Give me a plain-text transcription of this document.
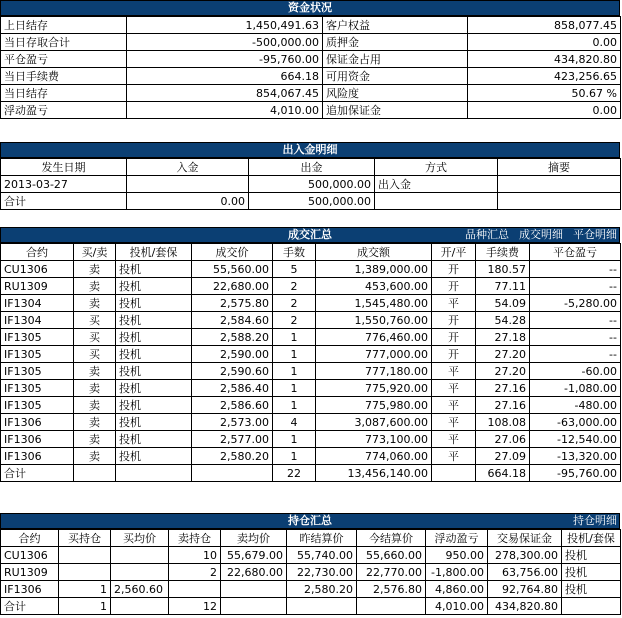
资金状况
上日结存	1,450,491.63	客户权益	858,077.45
当日存取合计	-500,000.00	质押金	0.00
平仓盈亏	-95,760.00	保证金占用	434,820.80
当日手续费	664.18	可用资金	423,256.65
当日结存	854,067.45	风险度	50.67 %
浮动盈亏	4,010.00	追加保证金	0.00
出入金明细
发生日期	入金	出金	方式	摘要
2013-03-27		500,000.00	出入金	
合计	0.00	500,000.00		
成交汇总	品种汇总 成交明细 平仓明细
合约	买/卖	投机/套保	成交价	手数	成交额	开/平	手续费	平仓盈亏
CU1306	卖	投机	55,560.00	5	1,389,000.00	开	180.57	--
RU1309	卖	投机	22,680.00	2	453,600.00	开	77.11	--
IF1304	卖	投机	2,575.80	2	1,545,480.00	平	54.09	-5,280.00
IF1304	买	投机	2,584.60	2	1,550,760.00	开	54.28	--
IF1305	买	投机	2,588.20	1	776,460.00	开	27.18	--
IF1305	买	投机	2,590.00	1	777,000.00	开	27.20	--
IF1305	卖	投机	2,590.60	1	777,180.00	平	27.20	-60.00
IF1305	卖	投机	2,586.40	1	775,920.00	平	27.16	-1,080.00
IF1305	卖	投机	2,586.60	1	775,980.00	平	27.16	-480.00
IF1306	卖	投机	2,573.00	4	3,087,600.00	平	108.08	-63,000.00
IF1306	卖	投机	2,577.00	1	773,100.00	平	27.06	-12,540.00
IF1306	卖	投机	2,580.20	1	774,060.00	平	27.09	-13,320.00
合计				22	13,456,140.00		664.18	-95,760.00
持仓汇总	持仓明细
合约	买持仓	买均价	卖持仓	卖均价	昨结算价	今结算价	浮动盈亏	交易保证金	投机/套保
CU1306			10	55,679.00	55,740.00	55,660.00	950.00	278,300.00	投机
RU1309			2	22,680.00	22,730.00	22,770.00	-1,800.00	63,756.00	投机
IF1306	1	2,560.60			2,580.20	2,576.80	4,860.00	92,764.80	投机
合计	1		12				4,010.00	434,820.80	
